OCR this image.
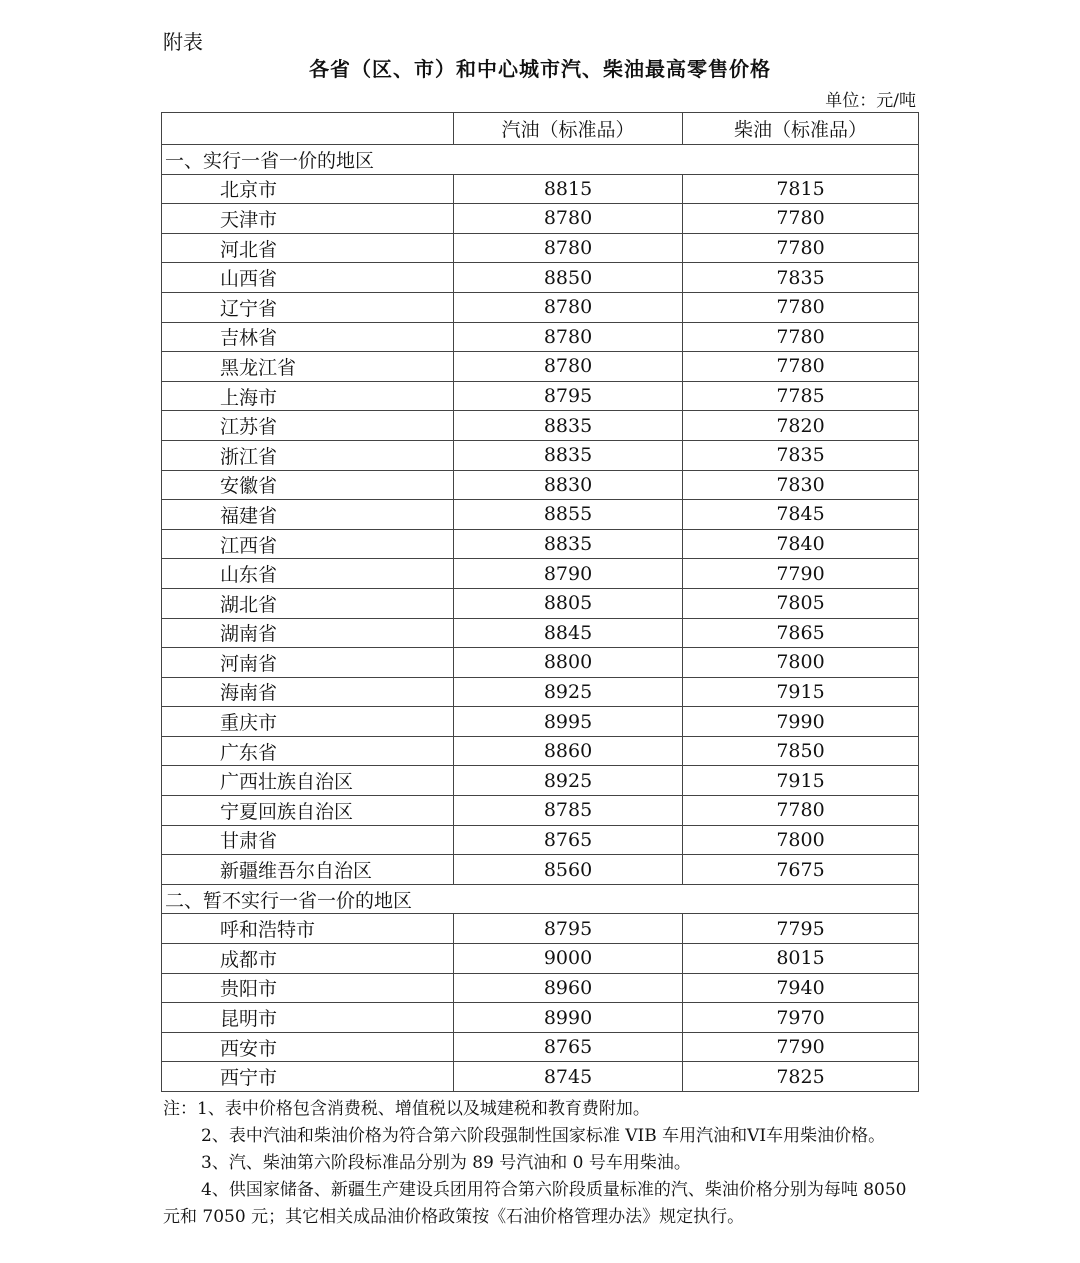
附表
各省（区、市）和中心城市汽、柴油最高零售价格
单位：元/吨
	汽油（标准品）	柴油（标准品）
一、实行一省一价的地区		
北京市	8815	7815
天津市	8780	7780
河北省	8780	7780
山西省	8850	7835
辽宁省	8780	7780
吉林省	8780	7780
黑龙江省	8780	7780
上海市	8795	7785
江苏省	8835	7820
浙江省	8835	7835
安徽省	8830	7830
福建省	8855	7845
江西省	8835	7840
山东省	8790	7790
湖北省	8805	7805
湖南省	8845	7865
河南省	8800	7800
海南省	8925	7915
重庆市	8995	7990
广东省	8860	7850
广西壮族自治区	8925	7915
宁夏回族自治区	8785	7780
甘肃省	8765	7800
新疆维吾尔自治区	8560	7675
二、暂不实行一省一价的地区		
呼和浩特市	8795	7795
成都市	9000	8015
贵阳市	8960	7940
昆明市	8990	7970
西安市	8765	7790
西宁市	8745	7825

注：1、表中价格包含消费税、增值税以及城建税和教育费附加。

2、表中汽油和柴油价格为符合第六阶段强制性国家标准 VIB 车用汽油和VI车用柴油价格。

3、汽、柴油第六阶段标准品分别为 89 号汽油和 0 号车用柴油。

4、供国家储备、新疆生产建设兵团用符合第六阶段质量标准的汽、柴油价格分别为每吨 8050 元和 7050 元；其它相关成品油价格政策按《石油价格管理办法》规定执行。
